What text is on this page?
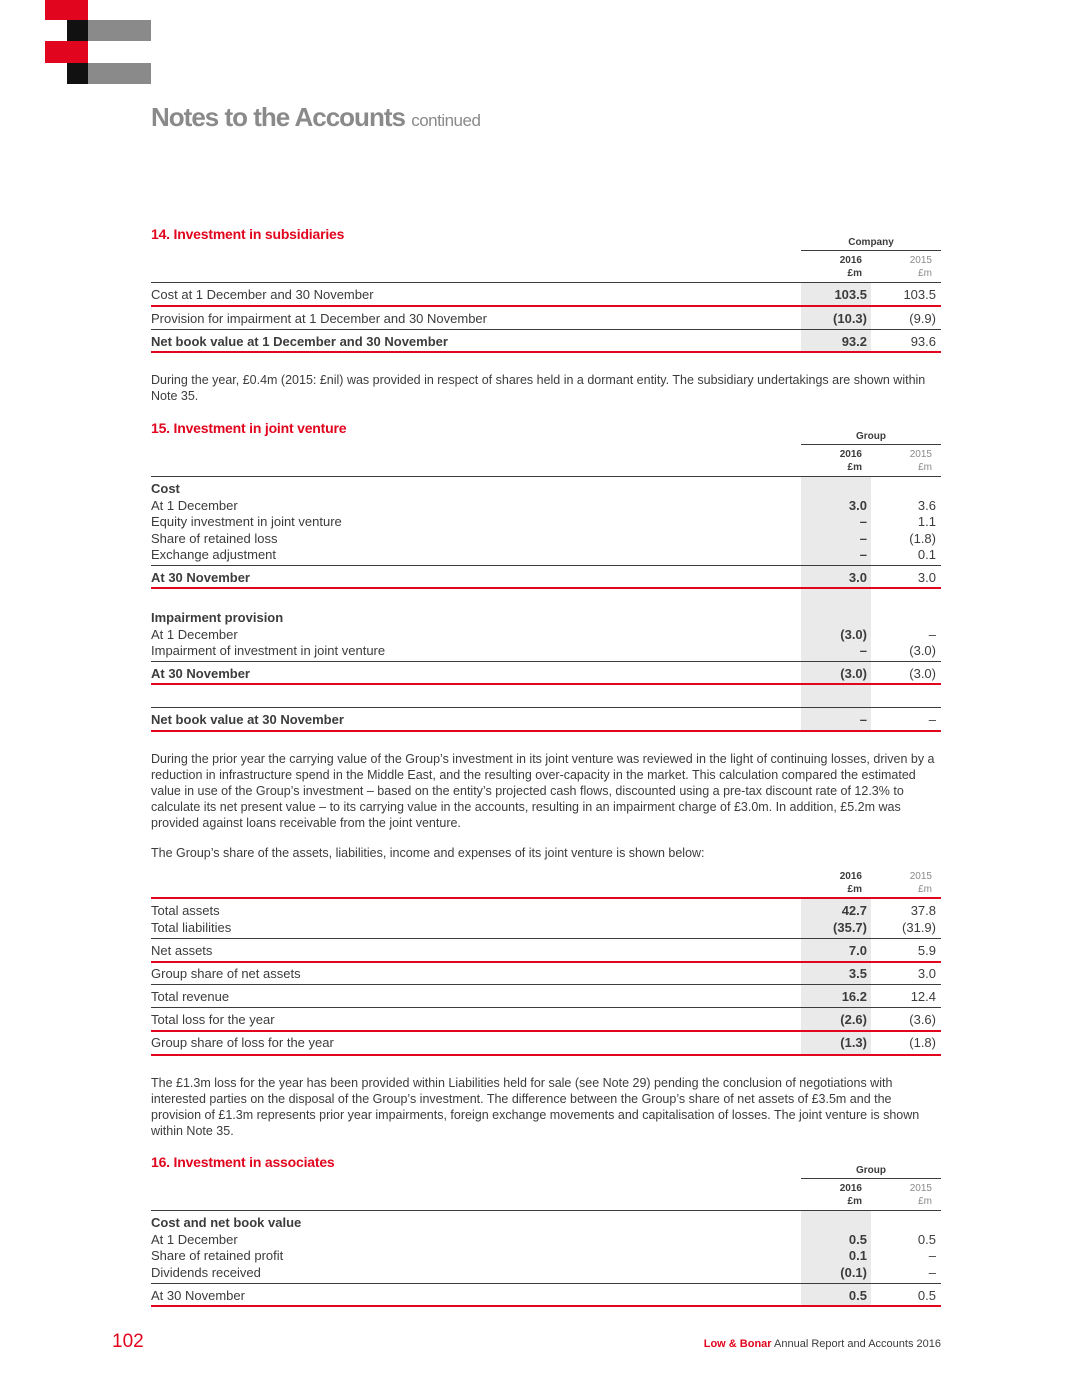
Notes to the Accounts continued
14. Investment in subsidiaries
Company
2016
£m
2015
£m
Cost at 1 December and 30 November	103.5	103.5
Provision for impairment at 1 December and 30 November	(10.3)	(9.9)
Net book value at 1 December and 30 November	93.2	93.6

During the year, £0.4m (2015: £nil) was provided in respect of shares held in a dormant entity. The subsidiary undertakings are shown within Note 35.

15. Investment in joint venture
Group
2016
£m
2015
£m
Cost
At 1 December	3.0	3.6
Equity investment in joint venture	–	1.1
Share of retained loss	–	(1.8)
Exchange adjustment	–	0.1
At 30 November	3.0	3.0
Impairment provision
At 1 December	(3.0)	–
Impairment of investment in joint venture	–	(3.0)
At 30 November	(3.0)	(3.0)
Net book value at 30 November	–	–

During the prior year the carrying value of the Group’s investment in its joint venture was reviewed in the light of continuing losses, driven by a reduction in infrastructure spend in the Middle East, and the resulting over-capacity in the market. This calculation compared the estimated value in use of the Group’s investment – based on the entity’s projected cash flows, discounted using a pre-tax discount rate of 12.3% to calculate its net present value – to its carrying value in the accounts, resulting in an impairment charge of £3.0m. In addition, £5.2m was provided against loans receivable from the joint venture.

The Group’s share of the assets, liabilities, income and expenses of its joint venture is shown below:

2016
£m
2015
£m
Total assets	42.7	37.8
Total liabilities	(35.7)	(31.9)
Net assets	7.0	5.9
Group share of net assets	3.5	3.0
Total revenue	16.2	12.4
Total loss for the year	(2.6)	(3.6)
Group share of loss for the year	(1.3)	(1.8)

The £1.3m loss for the year has been provided within Liabilities held for sale (see Note 29) pending the conclusion of negotiations with interested parties on the disposal of the Group’s investment. The difference between the Group’s share of net assets of £3.5m and the provision of £1.3m represents prior year impairments, foreign exchange movements and capitalisation of losses. The joint venture is shown within Note 35.

16. Investment in associates
Group
2016
£m
2015
£m
Cost and net book value
At 1 December	0.5	0.5
Share of retained profit	0.1	–
Dividends received	(0.1)	–
At 30 November	0.5	0.5
102	Low & Bonar Annual Report and Accounts 2016
